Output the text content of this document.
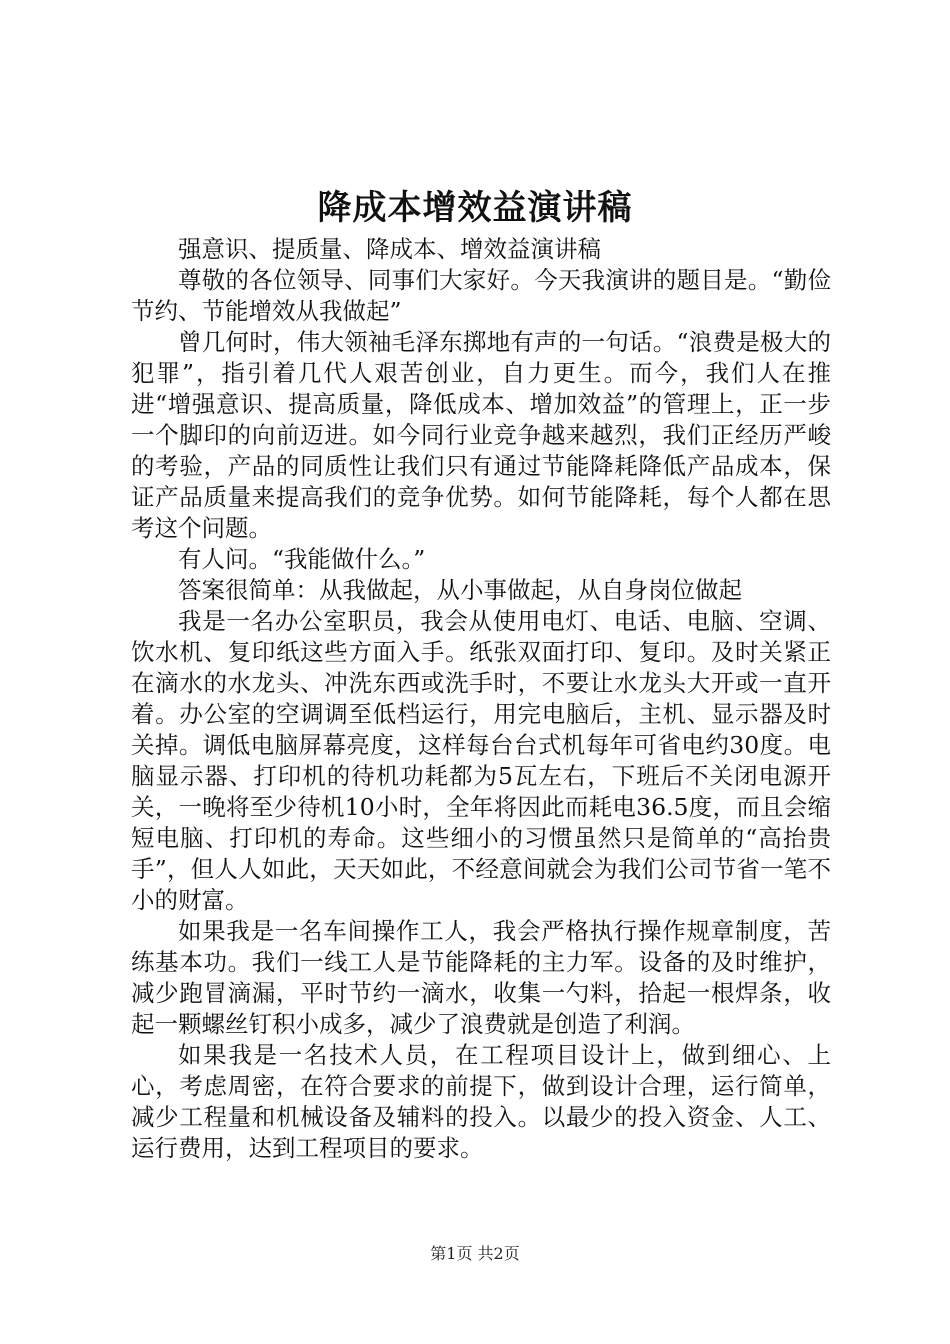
降成本增效益演讲稿

强意识、提质量、降成本、增效益演讲稿

尊敬的各位领导、同事们大家好。今天我演讲的题目是。“勤俭节约、节能增效从我做起”

曾几何时，伟大领袖毛泽东掷地有声的一句话。“浪费是极大的犯罪”，指引着几代人艰苦创业，自力更生。而今，我们人在推进“增强意识、提高质量，降低成本、增加效益”的管理上，正一步一个脚印的向前迈进。如今同行业竞争越来越烈，我们正经历严峻的考验，产品的同质性让我们只有通过节能降耗降低产品成本，保证产品质量来提高我们的竞争优势。如何节能降耗，每个人都在思考这个问题。

有人问。“我能做什么。”

答案很简单：从我做起，从小事做起，从自身岗位做起

我是一名办公室职员，我会从使用电灯、电话、电脑、空调、饮水机、复印纸这些方面入手。纸张双面打印、复印。及时关紧正在滴水的水龙头、冲洗东西或洗手时，不要让水龙头大开或一直开着。办公室的空调调至低档运行，用完电脑后，主机、显示器及时关掉。调低电脑屏幕亮度，这样每台台式机每年可省电约30度。电脑显示器、打印机的待机功耗都为5瓦左右，下班后不关闭电源开关，一晚将至少待机10小时，全年将因此而耗电36.5度，而且会缩短电脑、打印机的寿命。这些细小的习惯虽然只是简单的“高抬贵手”，但人人如此，天天如此，不经意间就会为我们公司节省一笔不小的财富。

如果我是一名车间操作工人，我会严格执行操作规章制度，苦练基本功。我们一线工人是节能降耗的主力军。设备的及时维护，减少跑冒滴漏，平时节约一滴水，收集一勺料，拾起一根焊条，收起一颗螺丝钉积小成多，减少了浪费就是创造了利润。

如果我是一名技术人员，在工程项目设计上，做到细心、上心，考虑周密，在符合要求的前提下，做到设计合理，运行简单，减少工程量和机械设备及辅料的投入。以最少的投入资金、人工、运行费用，达到工程项目的要求。

第1页 共2页
